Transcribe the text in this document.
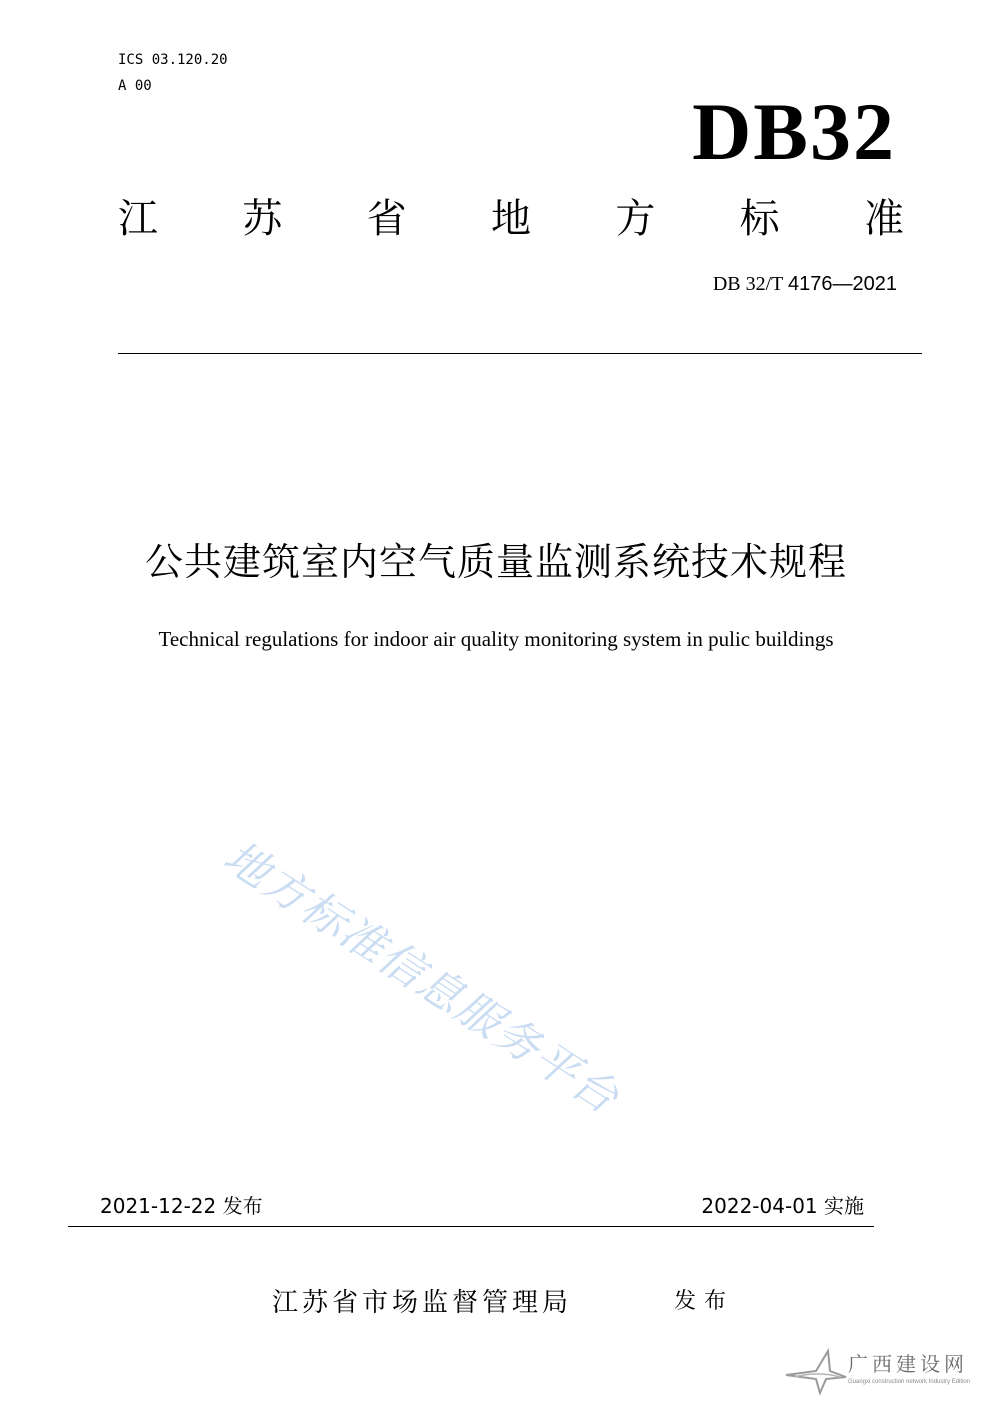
ICS 03.120.20
A 00	DB32
江 苏 省 地 方 标 准
DB 32/T 4176—2021
公共建筑室内空气质量监测系统技术规程
Technical regulations for indoor air quality monitoring system in pulic buildings
地方标准信息服务平台
2021-12-22 发布	2022-04-01 实施
江苏省市场监督管理局	发布
广西建设网
Guangxi construction network Industry Edition
